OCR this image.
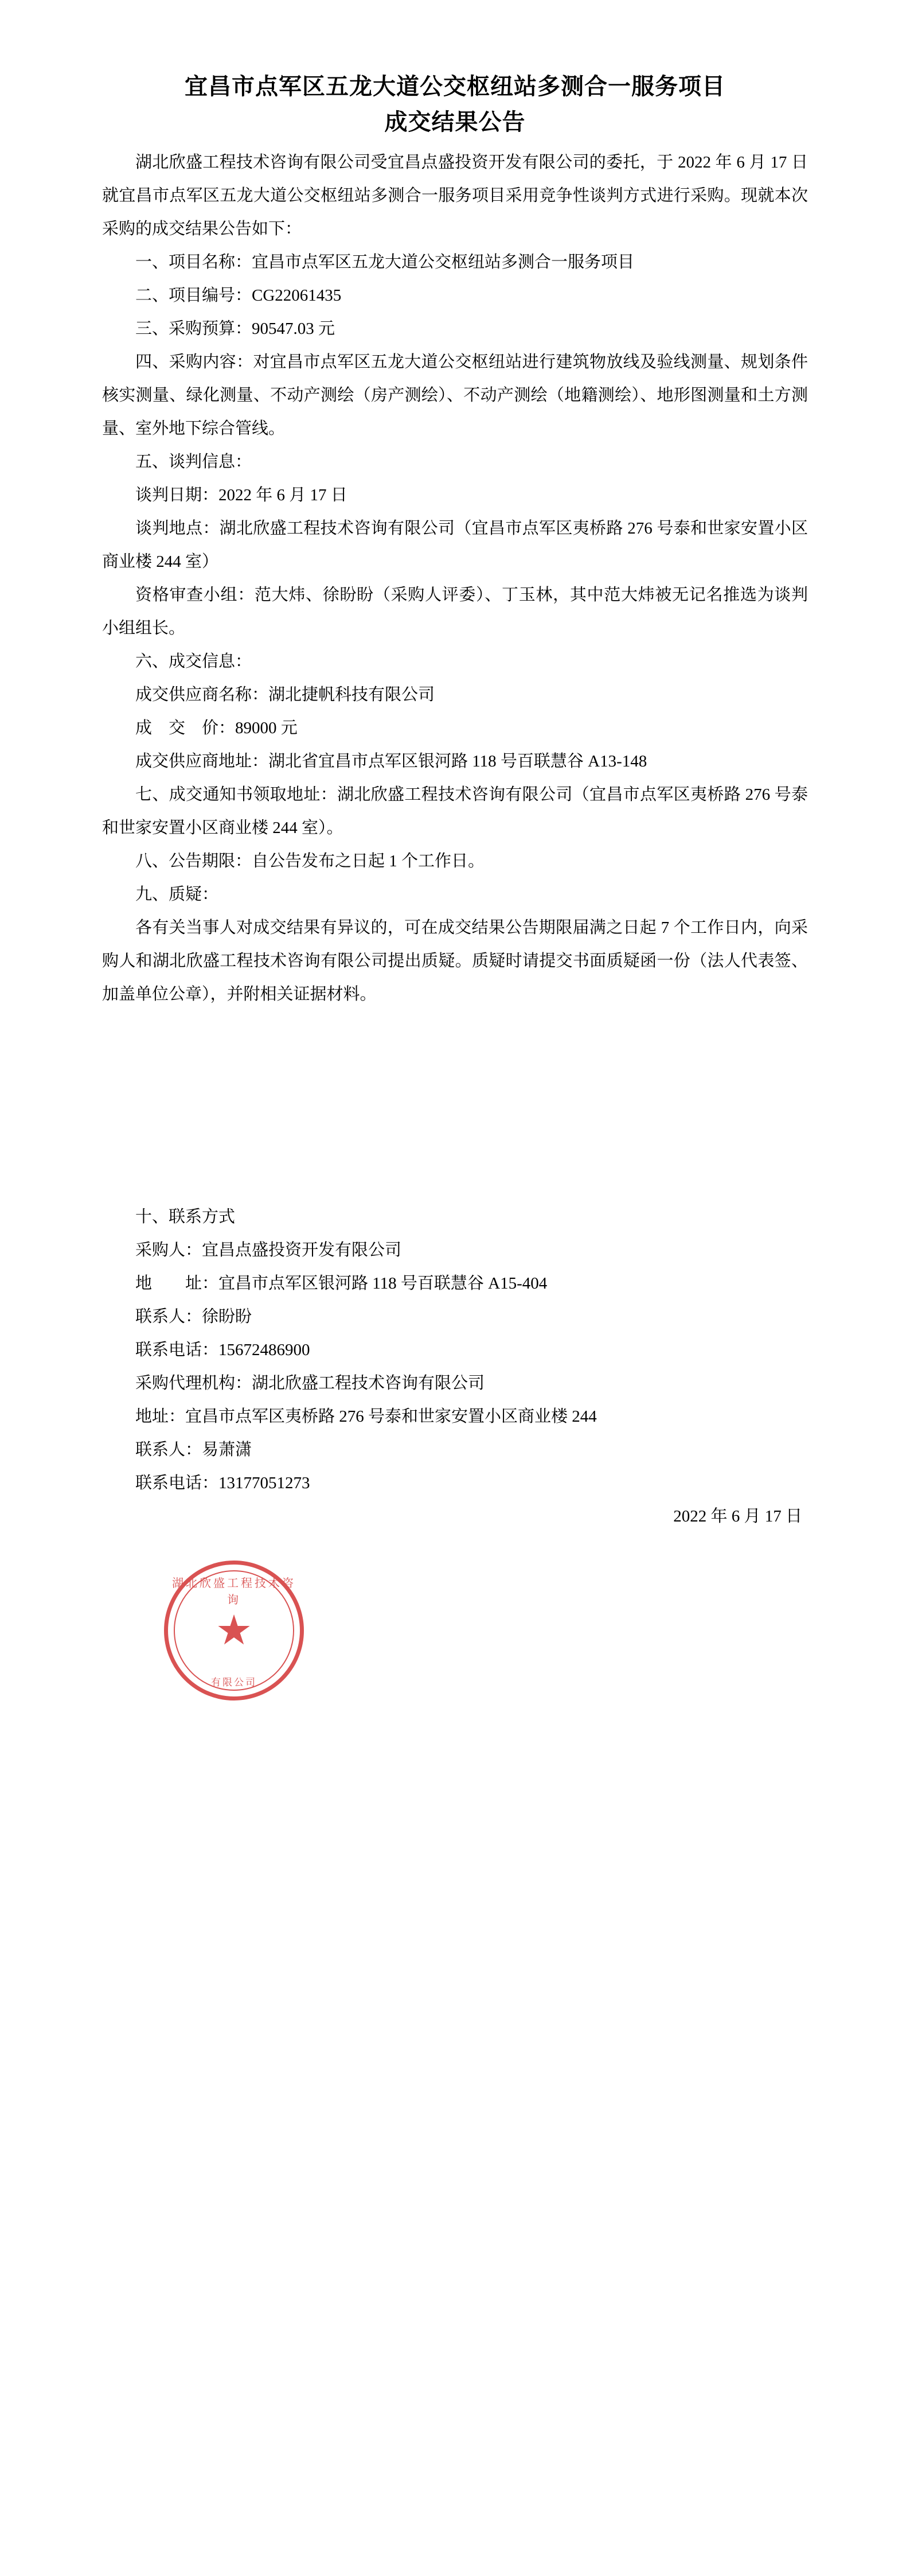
宜昌市点军区五龙大道公交枢纽站多测合一服务项目
成交结果公告

湖北欣盛工程技术咨询有限公司受宜昌点盛投资开发有限公司的委托，于 2022 年 6 月 17 日就宜昌市点军区五龙大道公交枢纽站多测合一服务项目采用竞争性谈判方式进行采购。现就本次采购的成交结果公告如下：

一、项目名称：宜昌市点军区五龙大道公交枢纽站多测合一服务项目

二、项目编号：CG22061435

三、采购预算：90547.03 元

四、采购内容：对宜昌市点军区五龙大道公交枢纽站进行建筑物放线及验线测量、规划条件核实测量、绿化测量、不动产测绘（房产测绘）、不动产测绘（地籍测绘）、地形图测量和土方测量、室外地下综合管线。

五、谈判信息：

谈判日期：2022 年 6 月 17 日

谈判地点：湖北欣盛工程技术咨询有限公司（宜昌市点军区夷桥路 276 号泰和世家安置小区商业楼 244 室）

资格审查小组：范大炜、徐盼盼（采购人评委）、丁玉林，其中范大炜被无记名推选为谈判小组组长。

六、成交信息：

成交供应商名称：湖北捷帆科技有限公司

成　交　价：89000 元

成交供应商地址：湖北省宜昌市点军区银河路 118 号百联慧谷 A13-148

七、成交通知书领取地址：湖北欣盛工程技术咨询有限公司（宜昌市点军区夷桥路 276 号泰和世家安置小区商业楼 244 室）。

八、公告期限：自公告发布之日起 1 个工作日。

九、质疑：

各有关当事人对成交结果有异议的，可在成交结果公告期限届满之日起 7 个工作日内，向采购人和湖北欣盛工程技术咨询有限公司提出质疑。质疑时请提交书面质疑函一份（法人代表签、加盖单位公章），并附相关证据材料。

十、联系方式

采购人：宜昌点盛投资开发有限公司

地　　址：宜昌市点军区银河路 118 号百联慧谷 A15-404

联系人：徐盼盼

联系电话：15672486900

采购代理机构：湖北欣盛工程技术咨询有限公司

地址：宜昌市点军区夷桥路 276 号泰和世家安置小区商业楼 244

联系人：易萧潇

联系电话：13177051273

2022 年 6 月 17 日

湖北欣盛工程技术咨询
★
有限公司
